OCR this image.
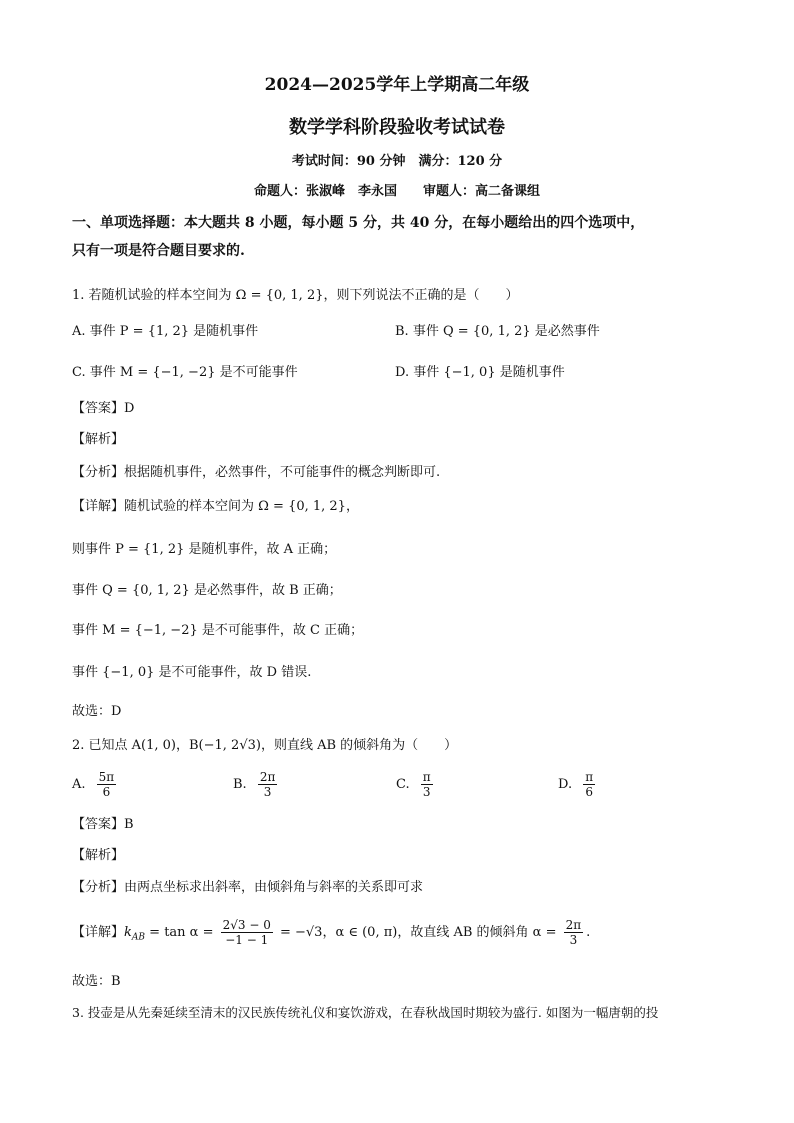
2024—2025学年上学期高二年级
数学学科阶段验收考试试卷
考试时间：90 分钟　满分：120 分
命题人：张淑峰　李永国　　审题人：高二备课组
一、单项选择题：本大题共 8 小题，每小题 5 分，共 40 分，在每小题给出的四个选项中，
只有一项是符合题目要求的.
1. 若随机试验的样本空间为 Ω = {0, 1, 2}，则下列说法不正确的是（　　）
A. 事件 P = {1, 2} 是随机事件	B. 事件 Q = {0, 1, 2} 是必然事件
C. 事件 M = {−1, −2} 是不可能事件	D. 事件 {−1, 0} 是随机事件
【答案】D
【解析】
【分析】根据随机事件，必然事件，不可能事件的概念判断即可.
【详解】随机试验的样本空间为 Ω = {0, 1, 2}，
则事件 P = {1, 2} 是随机事件，故 A 正确；
事件 Q = {0, 1, 2} 是必然事件，故 B 正确；
事件 M = {−1, −2} 是不可能事件，故 C 正确；
事件 {−1, 0} 是不可能事件，故 D 错误.
故选：D
2. 已知点 A(1, 0)，B(−1, 2√3)，则直线 AB 的倾斜角为（　　）
A. $\frac{5\pi}{6}$	B. $\frac{2\pi}{3}$	C. $\frac{\pi}{3}$	D. $\frac{\pi}{6}$
【答案】B
【解析】
【分析】由两点坐标求出斜率，由倾斜角与斜率的关系即可求
【详解】$k_{AB} = \tan \alpha = \frac{2√3 - 0}{-1 - 1} = -√3$，α ∈ (0, π)，故直线 AB 的倾斜角 $\alpha = \frac{2\pi}{3}$ .
故选：B
3. 投壶是从先秦延续至清末的汉民族传统礼仪和宴饮游戏，在春秋战国时期较为盛行. 如图为一幅唐朝的投
